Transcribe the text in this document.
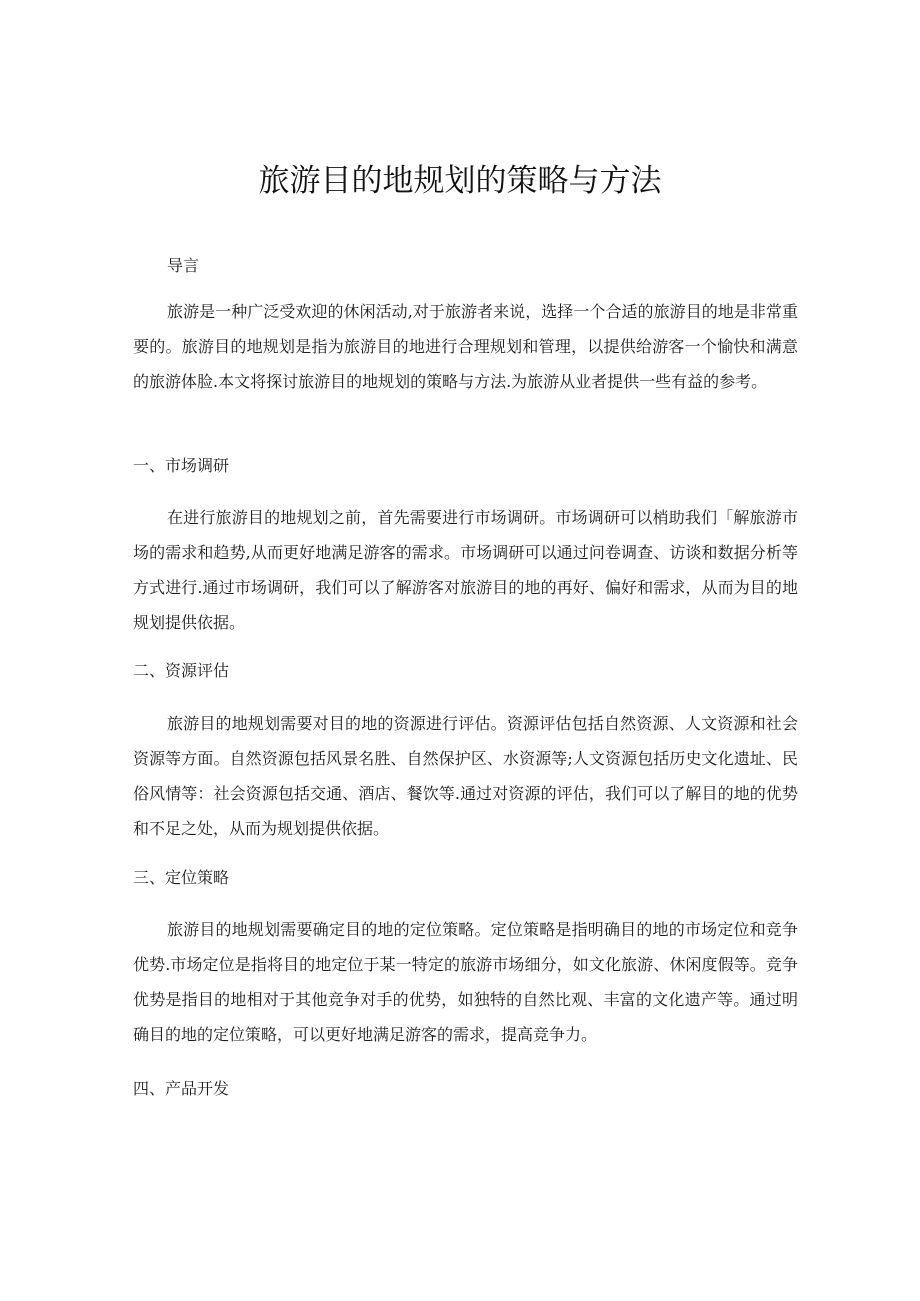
旅游目的地规划的策略与方法
导言

旅游是一种广泛受欢迎的休闲活动,对于旅游者来说，选择一个合适的旅游目的地是非常重要的。旅游目的地规划是指为旅游目的地进行合理规划和管理，以提供给游客一个愉快和满意的旅游体脸.本文将探讨旅游目的地规划的策略与方法.为旅游从业者提供一些有益的参考。

一、市场调研

在进行旅游目的地规划之前，首先需要进行市场调研。市场调研可以梢助我们「解旅游市场的需求和趋势,从而更好地满足游客的需求。市场调研可以通过问卷调查、访谈和数据分析等方式进行.通过市场调研，我们可以了解游客对旅游目的地的再好、偏好和需求，从而为目的地规划提供依据。

二、资源评估

旅游目的地规划需要对目的地的资源进行评估。资源评估包括自然资源、人文资源和社会资源等方面。自然资源包括风景名胜、自然保护区、水资源等;人文资源包括历史文化遗址、民俗风情等：社会资源包括交通、酒店、餐饮等.通过对资源的评估，我们可以了解目的地的优势和不足之处，从而为规划提供依据。

三、定位策略

旅游目的地规划需要确定目的地的定位策略。定位策略是指明确目的地的市场定位和竞争优势.市场定位是指将目的地定位于某一特定的旅游市场细分，如文化旅游、休闲度假等。竞争优势是指目的地相对于其他竞争对手的优势，如独特的自然比观、丰富的文化遗产等。通过明确目的地的定位策略，可以更好地满足游客的需求，提高竞争力。

四、产品开发
